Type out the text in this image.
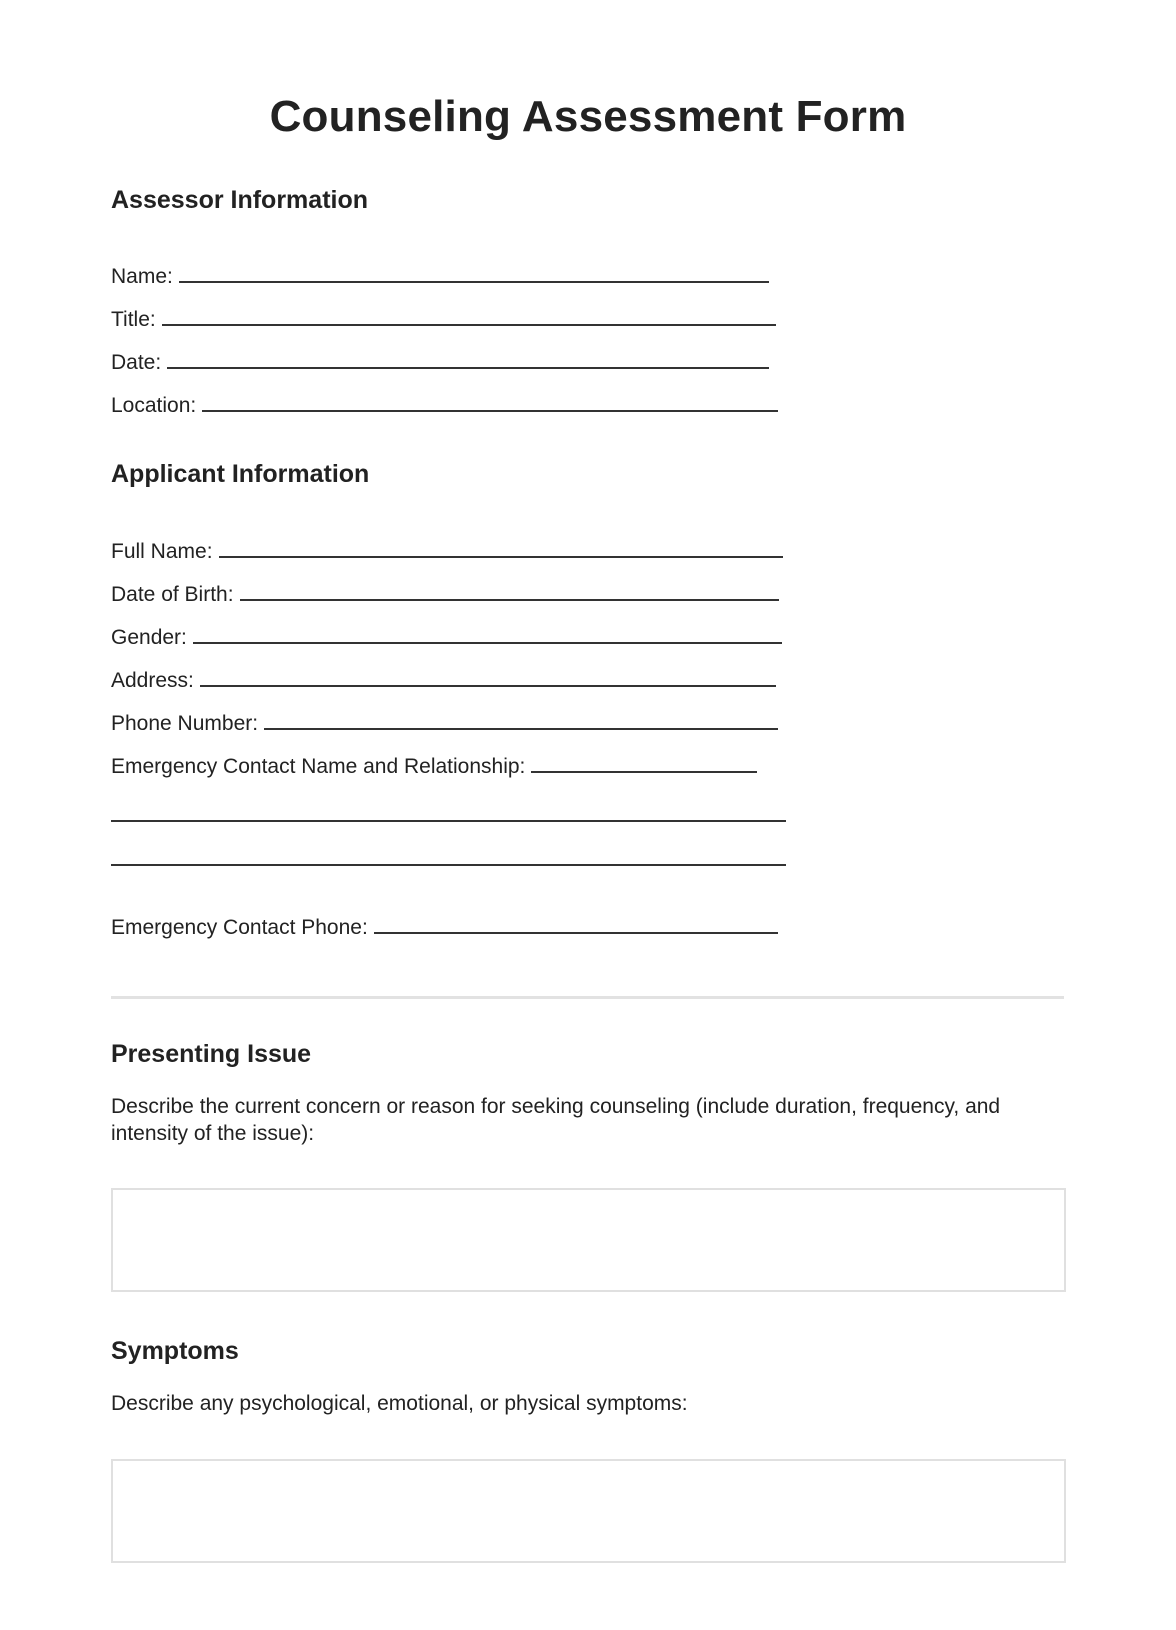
Counseling Assessment Form
Assessor Information
Name:
Title:
Date:
Location:
Applicant Information
Full Name:
Date of Birth:
Gender:
Address:
Phone Number:
Emergency Contact Name and Relationship:
Emergency Contact Phone:
Presenting Issue

Describe the current concern or reason for seeking counseling (include duration, frequency, and intensity of the issue):

Symptoms

Describe any psychological, emotional, or physical symptoms:
